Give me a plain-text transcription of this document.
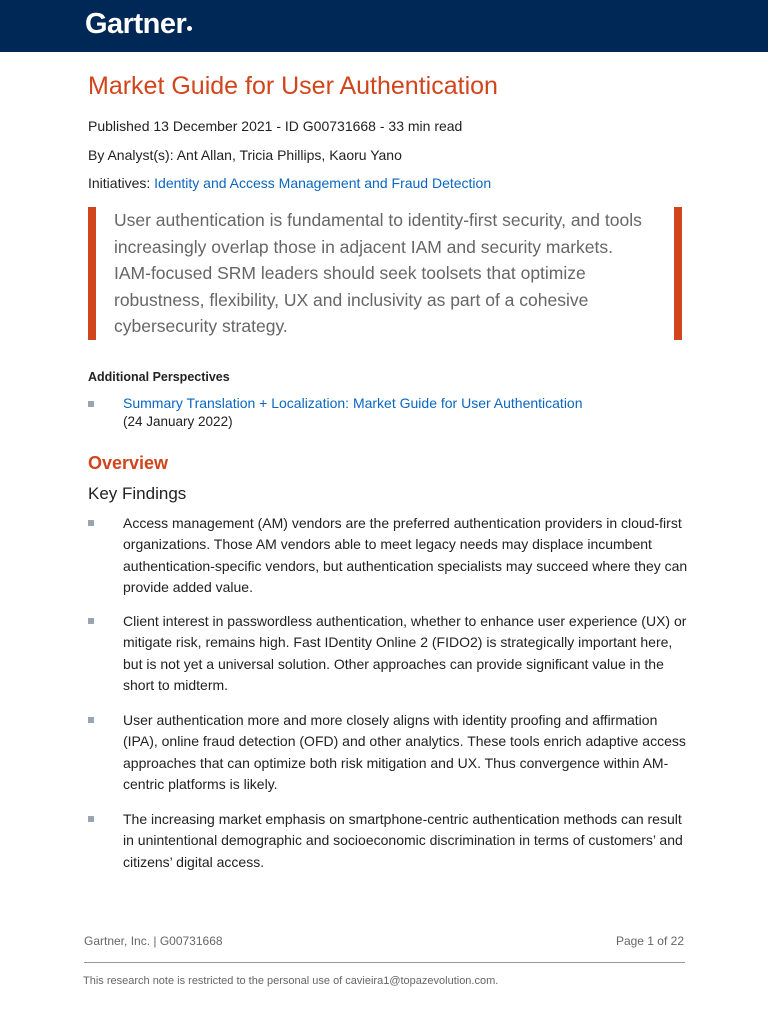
Gartner
Market Guide for User Authentication
Published 13 December 2021 - ID G00731668 - 33 min read
By Analyst(s): Ant Allan, Tricia Phillips, Kaoru Yano
Initiatives: Identity and Access Management and Fraud Detection
User authentication is fundamental to identity-first security, and tools increasingly overlap those in adjacent IAM and security markets. IAM-focused SRM leaders should seek toolsets that optimize robustness, flexibility, UX and inclusivity as part of a cohesive cybersecurity strategy.
Additional Perspectives
Summary Translation + Localization: Market Guide for User Authentication
(24 January 2022)
Overview
Key Findings
Access management (AM) vendors are the preferred authentication providers in cloud-first organizations. Those AM vendors able to meet legacy needs may displace incumbent authentication-specific vendors, but authentication specialists may succeed where they can provide added value.
Client interest in passwordless authentication, whether to enhance user experience (UX) or mitigate risk, remains high. Fast IDentity Online 2 (FIDO2) is strategically important here, but is not yet a universal solution. Other approaches can provide significant value in the short to midterm.
User authentication more and more closely aligns with identity proofing and affirmation (IPA), online fraud detection (OFD) and other analytics. These tools enrich adaptive access approaches that can optimize both risk mitigation and UX. Thus convergence within AM-centric platforms is likely.
The increasing market emphasis on smartphone-centric authentication methods can result in unintentional demographic and socioeconomic discrimination in terms of customers’ and citizens’ digital access.
Gartner, Inc. | G00731668	Page 1 of 22
This research note is restricted to the personal use of cavieira1@topazevolution.com.
